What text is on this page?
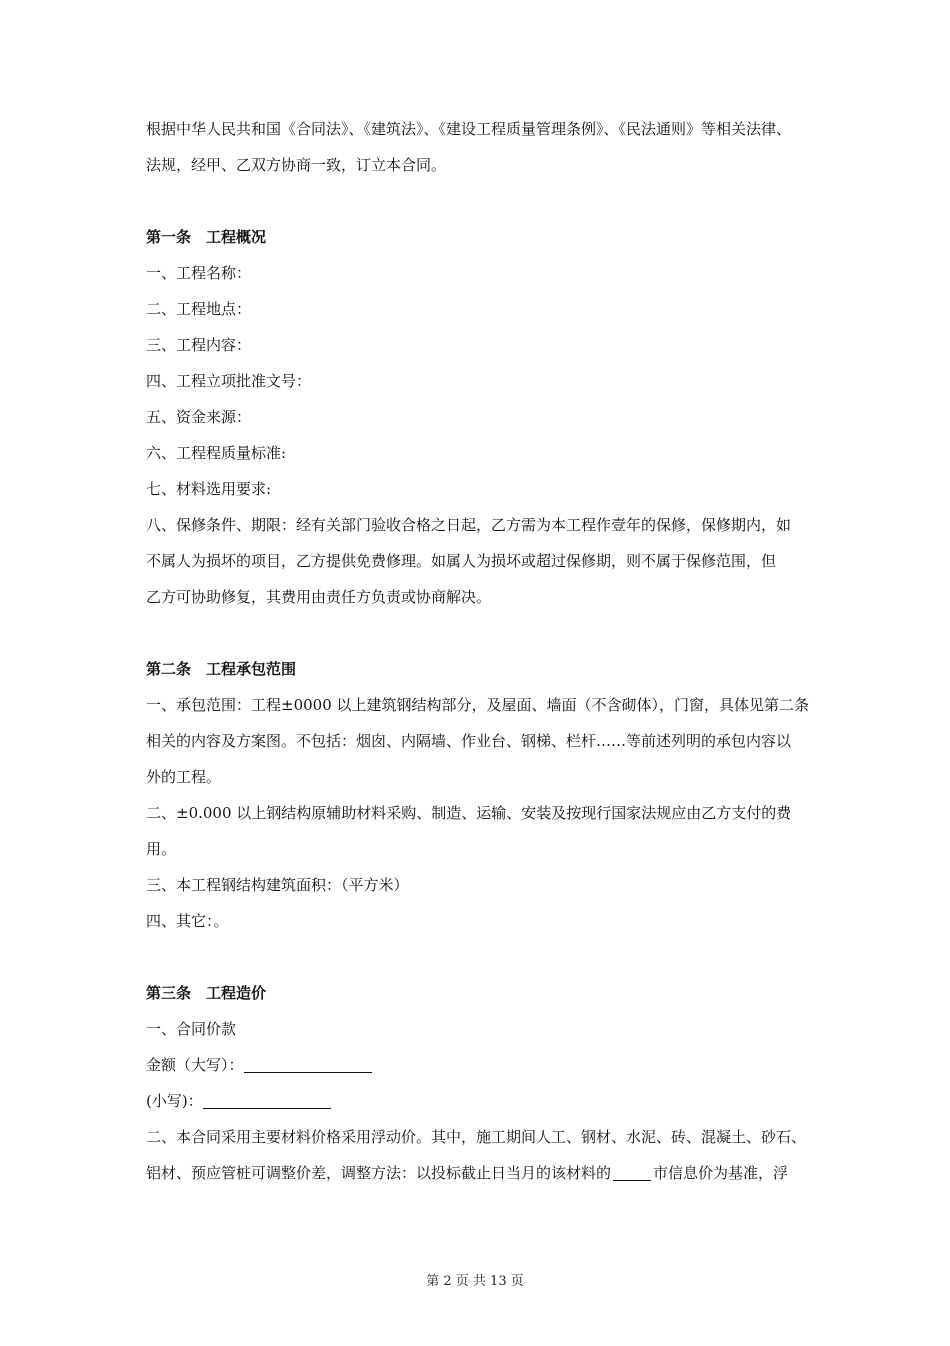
根据中华人民共和国《合同法》、《建筑法》、《建设工程质量管理条例》、《民法通则》等相关法律、
法规，经甲、乙双方协商一致，订立本合同。
第一条　工程概况
一、工程名称：
二、工程地点：
三、工程内容：
四、工程立项批准文号：
五、资金来源：
六、工程程质量标准:
七、材料选用要求:
八、保修条件、期限：经有关部门验收合格之日起，乙方需为本工程作壹年的保修，保修期内，如
不属人为损坏的项目，乙方提供免费修理。如属人为损坏或超过保修期，则不属于保修范围，但
乙方可协助修复，其费用由责任方负责或协商解决。
第二条　工程承包范围
一、承包范围：工程±0000 以上建筑钢结构部分，及屋面、墙面（不含砌体），门窗，具体见第二条
相关的内容及方案图。不包括：烟囱、内隔墙、作业台、钢梯、栏杆……等前述列明的承包内容以
外的工程。
二、±0.000 以上钢结构原辅助材料采购、制造、运输、安装及按现行国家法规应由乙方支付的费
用。
三、本工程钢结构建筑面积：（平方米）
四、其它：。
第三条　工程造价
一、合同价款
金额（大写）：
(小写)：
二、本合同采用主要材料价格采用浮动价。其中，施工期间人工、钢材、水泥、砖、混凝土、砂石、
铝材、预应管桩可调整价差，调整方法：以投标截止日当月的该材料的	市信息价为基准，浮
第 2 页 共 13 页
